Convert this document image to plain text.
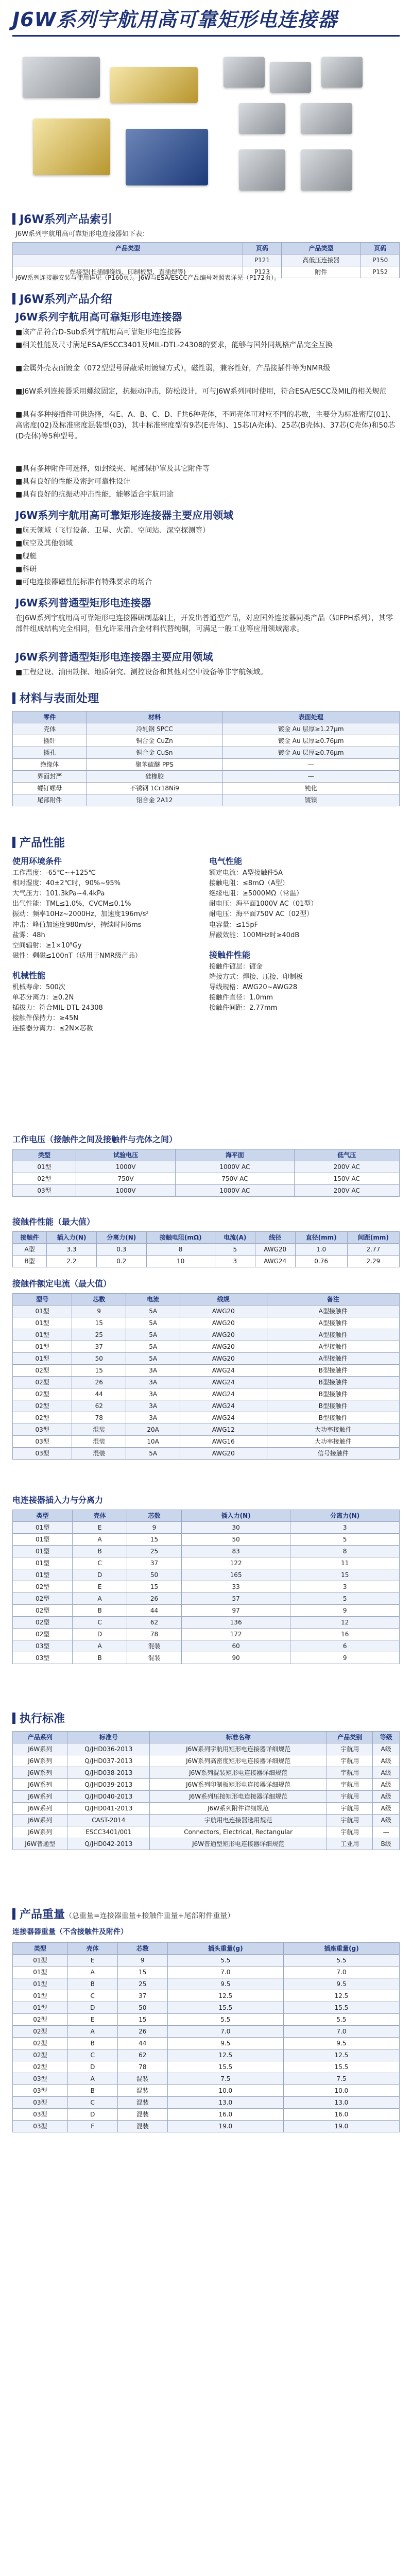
J6W系列宇航用高可靠矩形电连接器
J6W系列产品索引
J6W系列宇航用高可靠矩形电连接器如下表：
产品类型	页码	产品类型	页码
	P121	高低压连接器	P150
焊接型(长插脚绕线、印制板型、直插焊等)	P123	附件	P152
J6W系列连接器安装与使用详见（P160页）。J6W与ESA/ESCC产品编号对照表详见（P172页）。
J6W系列产品介绍
J6W系列宇航用高可靠矩形电连接器
■该产品符合D-Sub系列宇航用高可靠矩形电连接器
■相关性能及尺寸满足ESA/ESCC3401及MIL-DTL-24308的要求，能够与国外同规格产品完全互换
■金属外壳表面镀金（072型型号屏蔽采用镀镍方式），磁性弱，兼容性好，产品接插件等为NMR级
■J6W系列连接器采用螺纹固定，抗振动冲击，防松设计，可与J6W系列同时使用，符合ESA/ESCC及MIL的相关规范
■具有多种接插件可供选择，有E、A、B、C、D、F共6种壳体，不同壳体可对应不同的芯数，主要分为标准密度(01)、高密度(02)及标准密度混装型(03)，其中标准密度型有9芯(E壳体)、15芯(A壳体)、25芯(B壳体)、37芯(C壳体)和50芯(D壳体)等5种型号。
■具有多种附件可选择，如封线夹、尾部保护罩及其它附件等
■具有良好的性能及密封可靠性设计
■具有良好的抗振动冲击性能，能够适合宇航用途
J6W系列宇航用高可靠矩形连接器主要应用领域
■航天领域（飞行设备、卫星、火箭、空间站、深空探测等）
■航空及其他领域
■舰艇
■科研
■可电连接器磁性能标准有特殊要求的场合
J6W系列普通型矩形电连接器
在J6W系列宇航用高可靠矩形电连接器研制基础上，开发出普通型产品，对应国外连接器同类产品（如FPH系列），其零部件组成结构完全相同，但允许采用合金材料代替纯铜，可满足一般工业等应用领域需求。
J6W系列普通型矩形电连接器主要应用领域
■工程建设、油田勘探、地质研究、测控设备和其他对空中设备等非宇航领域。
材料与表面处理
零件	材料	表面处理
壳体	冷轧钢 SPCC	镀金 Au 层厚≥1.27μm
插针	铜合金 CuZn	镀金 Au 层厚≥0.76μm
插孔	铜合金 CuSn	镀金 Au 层厚≥0.76μm
绝缘体	聚苯硫醚 PPS	—
界面封严	硅橡胶	—
螺钉螺母	不锈钢 1Cr18Ni9	钝化
尾部附件	铝合金 2A12	镀镍
产品性能
使用环境条件
工作温度：-65℃~+125℃
相对湿度：40±2℃时，90%~95%
大气压力：101.3kPa~4.4kPa
出气性能：TML≤1.0%，CVCM≤0.1%
振动：频率10Hz~2000Hz，加速度196m/s²
冲击：峰值加速度980m/s²，持续时间6ms
盐雾：48h
空间辐射：≥1×10⁵Gy
磁性：剩磁≤100nT（适用于NMR级产品）
机械性能
机械寿命：500次
单芯分离力：≥0.2N
插拔力：符合MIL-DTL-24308
接触件保持力：≥45N
连接器分离力：≤2N×芯数
电气性能
额定电流：A型接触件5A
接触电阻：≤8mΩ（A型）
绝缘电阻：≥5000MΩ（常温）
耐电压：海平面1000V AC（01型）
耐电压：海平面750V AC（02型）
电容量：≤15pF
屏蔽效能：100MHz时≥40dB
接触件性能
接触件镀层：镀金
端接方式：焊接、压接、印制板
导线规格：AWG20~AWG28
接触件直径：1.0mm
接触件间距：2.77mm
工作电压（接触件之间及接触件与壳体之间）
类型	试验电压	海平面	低气压
01型	1000V	1000V AC	200V AC
02型	750V	750V AC	150V AC
03型	1000V	1000V AC	200V AC
接触件性能（最大值）
接触件	插入力(N)	分离力(N)	接触电阻(mΩ)	电流(A)	线径	直径(mm)	间距(mm)
A型	3.3	0.3	8	5	AWG20	1.0	2.77
B型	2.2	0.2	10	3	AWG24	0.76	2.29
接触件额定电流（最大值）
型号	芯数	电流	线规	备注
01型	9	5A	AWG20	A型接触件
01型	15	5A	AWG20	A型接触件
01型	25	5A	AWG20	A型接触件
01型	37	5A	AWG20	A型接触件
01型	50	5A	AWG20	A型接触件
02型	15	3A	AWG24	B型接触件
02型	26	3A	AWG24	B型接触件
02型	44	3A	AWG24	B型接触件
02型	62	3A	AWG24	B型接触件
02型	78	3A	AWG24	B型接触件
03型	混装	20A	AWG12	大功率接触件
03型	混装	10A	AWG16	大功率接触件
03型	混装	5A	AWG20	信号接触件
电连接器插入力与分离力
类型	壳体	芯数	插入力(N)	分离力(N)
01型	E	9	30	3
01型	A	15	50	5
01型	B	25	83	8
01型	C	37	122	11
01型	D	50	165	15
02型	E	15	33	3
02型	A	26	57	5
02型	B	44	97	9
02型	C	62	136	12
02型	D	78	172	16
03型	A	混装	60	6
03型	B	混装	90	9
执行标准
产品系列	标准号	标准名称	产品类别	等级
J6W系列	Q/JHD036-2013	J6W系列宇航用矩形电连接器详细规范	宇航用	A级
J6W系列	Q/JHD037-2013	J6W系列高密度矩形电连接器详细规范	宇航用	A级
J6W系列	Q/JHD038-2013	J6W系列混装矩形电连接器详细规范	宇航用	A级
J6W系列	Q/JHD039-2013	J6W系列印制板矩形电连接器详细规范	宇航用	A级
J6W系列	Q/JHD040-2013	J6W系列压接矩形电连接器详细规范	宇航用	A级
J6W系列	Q/JHD041-2013	J6W系列附件详细规范	宇航用	A级
J6W系列	CAST-2014	宇航用电连接器选用规范	宇航用	A级
J6W系列	ESCC3401/001	Connectors, Electrical, Rectangular	宇航用	—
J6W普通型	Q/JHD042-2013	J6W普通型矩形电连接器详细规范	工业用	B级
产品重量（总重量=连接器重量+接触件重量+尾部附件重量）
连接器器重量（不含接触件及附件）
类型	壳体	芯数	插头重量(g)	插座重量(g)
01型	E	9	5.5	5.5
01型	A	15	7.0	7.0
01型	B	25	9.5	9.5
01型	C	37	12.5	12.5
01型	D	50	15.5	15.5
02型	E	15	5.5	5.5
02型	A	26	7.0	7.0
02型	B	44	9.5	9.5
02型	C	62	12.5	12.5
02型	D	78	15.5	15.5
03型	A	混装	7.5	7.5
03型	B	混装	10.0	10.0
03型	C	混装	13.0	13.0
03型	D	混装	16.0	16.0
03型	F	混装	19.0	19.0
